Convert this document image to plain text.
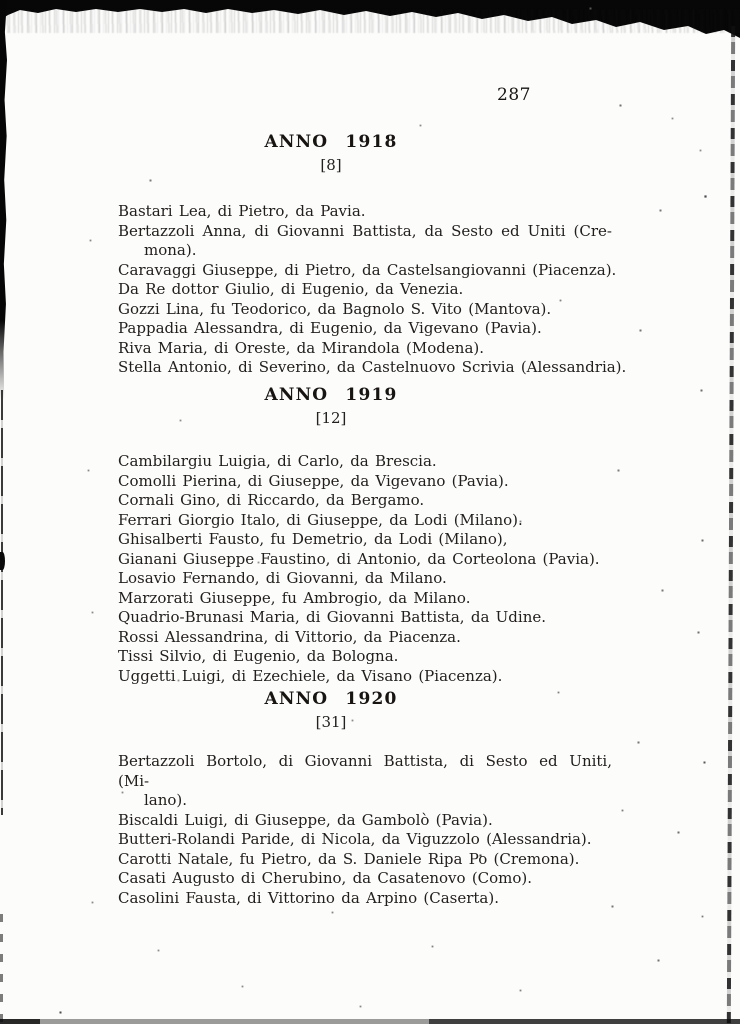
287
ANNO 1918
[8]
Bastari Lea, di Pietro, da Pavia.
Bertazzoli Anna, di Giovanni Battista, da Sesto ed Uniti (Cre-
mona).
Caravaggi Giuseppe, di Pietro, da Castelsangiovanni (Piacenza).
Da Re dottor Giulio, di Eugenio, da Venezia.
Gozzi Lina, fu Teodorico, da Bagnolo S. Vito (Mantova).
Pappadia Alessandra, di Eugenio, da Vigevano (Pavia).
Riva Maria, di Oreste, da Mirandola (Modena).
Stella Antonio, di Severino, da Castelnuovo Scrivia (Alessandria).
ANNO 1919
[12]
Cambilargiu Luigia, di Carlo, da Brescia.
Comolli Pierina, di Giuseppe, da Vigevano (Pavia).
Cornali Gino, di Riccardo, da Bergamo.
Ferrari Giorgio Italo, di Giuseppe, da Lodi (Milano).
Ghisalberti Fausto, fu Demetrio, da Lodi (Milano),
Gianani Giuseppe Faustino, di Antonio, da Corteolona (Pavia).
Losavio Fernando, di Giovanni, da Milano.
Marzorati Giuseppe, fu Ambrogio, da Milano.
Quadrio-Brunasi Maria, di Giovanni Battista, da Udine.
Rossi Alessandrina, di Vittorio, da Piacenza.
Tissi Silvio, di Eugenio, da Bologna.
Uggetti Luigi, di Ezechiele, da Visano (Piacenza).
ANNO 1920
[31]
Bertazzoli Bortolo, di Giovanni Battista, di Sesto ed Uniti, (Mi-
lano).
Biscaldi Luigi, di Giuseppe, da Gambolò (Pavia).
Butteri-Rolandi Paride, di Nicola, da Viguzzolo (Alessandria).
Carotti Natale, fu Pietro, da S. Daniele Ripa Po (Cremona).
Casati Augusto di Cherubino, da Casatenovo (Como).
Casolini Fausta, di Vittorino da Arpino (Caserta).
